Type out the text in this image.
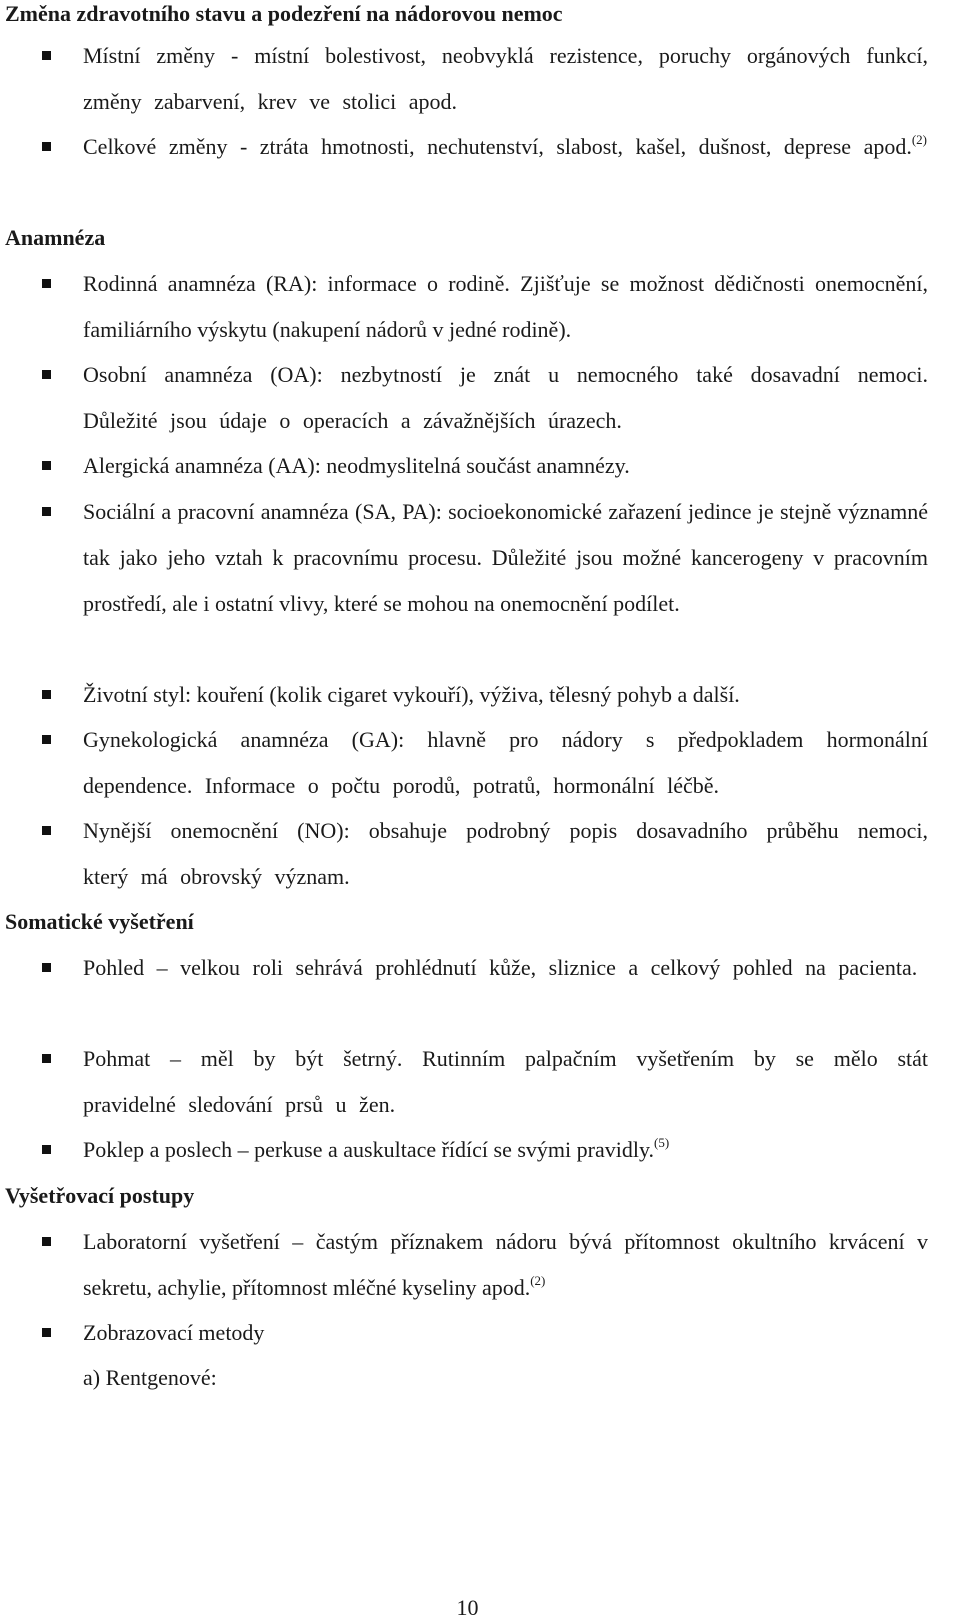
Změna zdravotního stavu a podezření na nádorovou nemoc
Místní změny - místní bolestivost, neobvyklá rezistence, poruchy orgánových funkcí, změny zabarvení, krev ve stolici apod.
Celkové změny - ztráta hmotnosti, nechutenství, slabost, kašel, dušnost, deprese apod.$^{(2)}$
Anamnéza
Rodinná anamnéza (RA): informace o rodině. Zjišťuje se možnost dědičnosti onemocnění, familiárního výskytu (nakupení nádorů v jedné rodině).
Osobní anamnéza (OA): nezbytností je znát u nemocného také dosavadní nemoci. Důležité jsou údaje o operacích a závažnějších úrazech.
Alergická anamnéza (AA): neodmyslitelná součást anamnézy.
Sociální a pracovní anamnéza (SA, PA): socioekonomické zařazení jedince je stejně významné tak jako jeho vztah k pracovnímu procesu. Důležité jsou možné kancerogeny v pracovním prostředí, ale i ostatní vlivy, které se mohou na onemocnění podílet.
Životní styl: kouření (kolik cigaret vykouří), výživa, tělesný pohyb a další.
Gynekologická anamnéza (GA): hlavně pro nádory s předpokladem hormonální dependence. Informace o počtu porodů, potratů, hormonální léčbě.
Nynější onemocnění (NO): obsahuje podrobný popis dosavadního průběhu nemoci, který má obrovský význam.
Somatické vyšetření
Pohled – velkou roli sehrává prohlédnutí kůže, sliznice a celkový pohled na pacienta.
Pohmat – měl by být šetrný. Rutinním palpačním vyšetřením by se mělo stát pravidelné sledování prsů u žen.
Poklep a poslech – perkuse a auskultace řídící se svými pravidly.$^{(5)}$
Vyšetřovací postupy
Laboratorní vyšetření – častým příznakem nádoru bývá přítomnost okultního krvácení v sekretu, achylie, přítomnost mléčné kyseliny apod.$^{(2)}$
Zobrazovací metody
a) Rentgenové:
10
